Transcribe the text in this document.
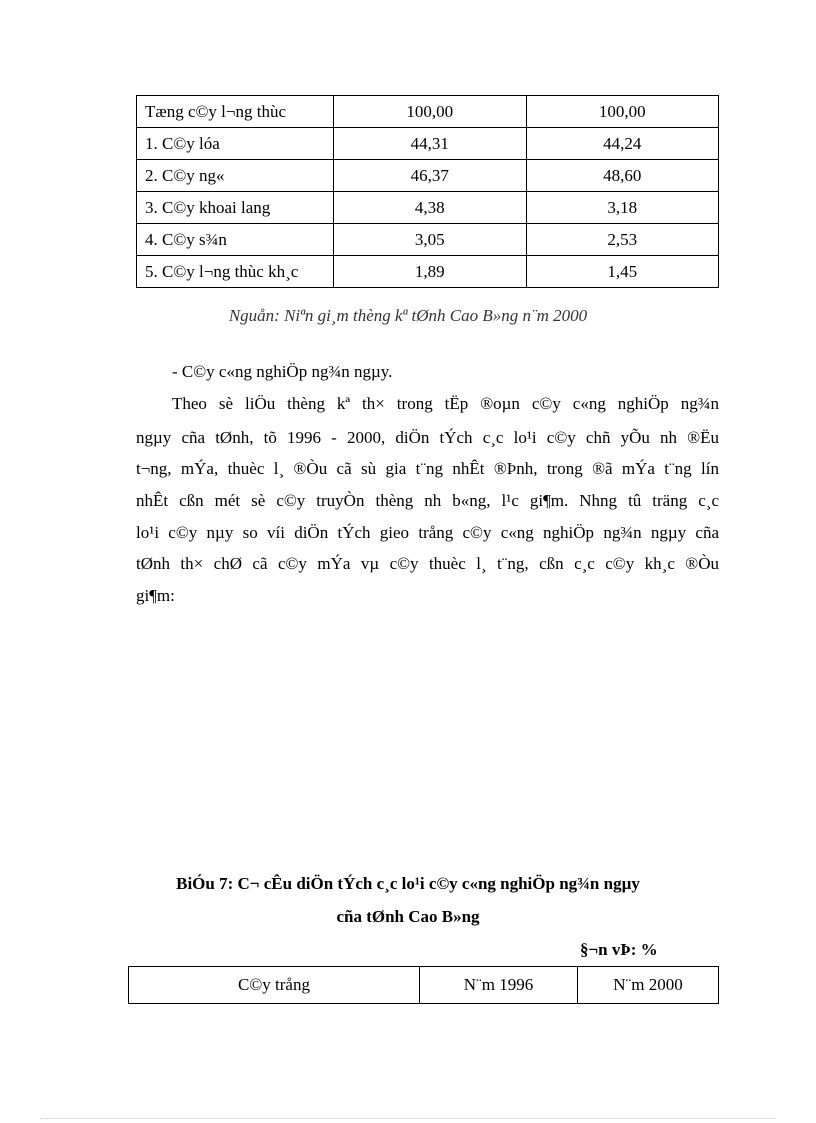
Tæng c©y l¬ng thùc	100,00	100,00
1. C©y lóa	44,31	44,24
2. C©y ng«	46,37	48,60
3. C©y khoai lang	4,38	3,18
4. C©y s¾n	3,05	2,53
5. C©y l¬ng thùc kh¸c	1,89	1,45
Nguån: Niªn gi¸m thèng kª tØnh Cao B»ng n¨m 2000
- C©y c«ng nghiÖp ng¾n ngµy.
Theo sè liÖu thèng kª th× trong tËp ®oµn c©y c«ng nghiÖp ng¾n
ngµy cña tØnh, tõ 1996 - 2000, diÖn tÝch c¸c lo¹i c©y chñ yÕu nh ®Ëu
t¬ng, mÝa, thuèc l¸ ®Òu cã sù gia t¨ng nhÊt ®Þnh, trong ®ã mÝa t¨ng lín
nhÊt cßn mét sè c©y truyÒn thèng nh b«ng, l¹c gi¶m. Nhng tû träng c¸c
lo¹i c©y nµy so víi diÖn tÝch gieo trång c©y c«ng nghiÖp ng¾n ngµy cña
tØnh th× chØ cã c©y mÝa vµ c©y thuèc l¸ t¨ng, cßn c¸c c©y kh¸c ®Òu
gi¶m:
BiÓu 7: C¬ cÊu diÖn tÝch c¸c lo¹i c©y c«ng nghiÖp ng¾n ngµy
cña tØnh Cao B»ng
§¬n vÞ: %
C©y trång	N¨m 1996	N¨m 2000
